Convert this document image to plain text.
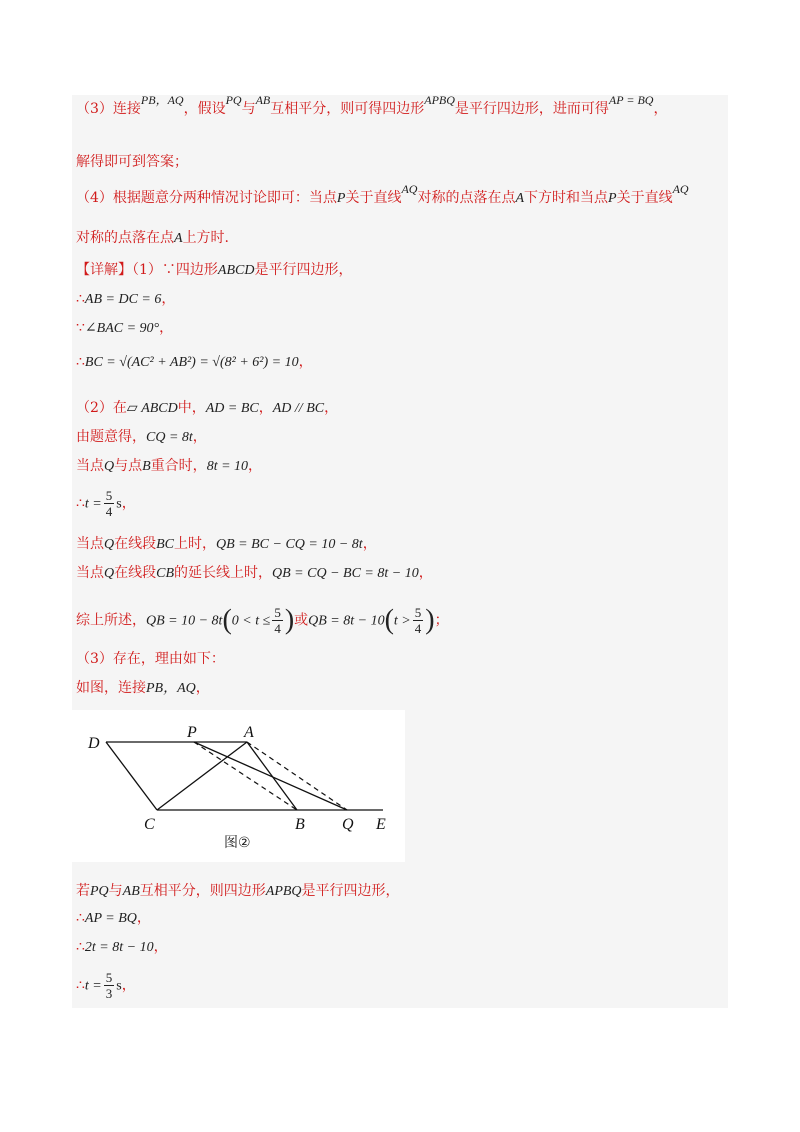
（3）连接PB，AQ，假设PQ与AB互相平分，则可得四边形APBQ是平行四边形，进而可得AP = BQ，
解得即可到答案；
（4）根据题意分两种情况讨论即可：当点P关于直线AQ对称的点落在点A下方时和当点P关于直线AQ
对称的点落在点A上方时.
【详解】（1）∵四边形ABCD是平行四边形，
∴AB = DC = 6，
∵∠BAC = 90°，
∴BC = √(AC² + AB²) = √(8² + 6²) = 10，
（2）在▱ ABCD中，AD = BC，AD // BC，
由题意得，CQ = 8t，
当点Q与点B重合时，8t = 10，
∴t = $\frac{5}{4}$ s，
当点Q在线段BC上时，QB = BC − CQ = 10 − 8t，
当点Q在线段CB的延长线上时，QB = CQ − BC = 8t − 10，
综上所述，QB = $10 - 8t(0 < t \le \frac{5}{4}$ )或QB = $8t - 10(t > \frac{5}{4}$ )；
（3）存在，理由如下：
如图，连接PB，AQ，
D
P	A
C	B Q E
图②
若PQ与AB互相平分，则四边形APBQ是平行四边形，
∴AP = BQ，
∴2t = 8t − 10，
∴t = $\frac{5}{3}$ s，
